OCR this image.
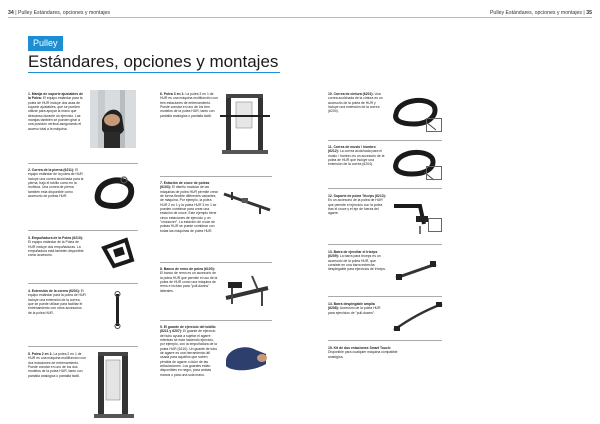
34 | Pulley Estándares, opciones y montajes	Pulley Estándares, opciones y montajes | 35
Pulley
Estándares, opciones y montajes
1. Manija de soporte ajustables de la Polea: El equipo estándar para la polea de HUR incluye dos asas de soporte ajustables, que se pueden utilizar para apoyar la mano que descansa durante un ejercicio. Las manijas también se pueden girar a una posición vertical asegurando el acceso total a la máquina.
2. Correa de la pierna (6211): El equipo estándar de la polea de HUR incluye una correa acolchada para la pierna, bajo el tobillo como en la muñeca. Una correa de pierna también está disponible como accesorio de poleas HUR.
3. Empuñadura de la Polea (6210): El equipo estándar de la Polea de HUR incluye dos empuñaduras. La empuñadura está también disponible como accesorio.
4. Extensión de la correa (6204): El equipo estándar para la polea de HUR incluye una extensión de la correa, que se puede utilizar para facilitar el entrenamiento con otros accesorios de la polea HUR.
5. Polea 2 en 1: La polea 2 en 1 de HUR es una máquina multifunción con dos estaciones de entrenamiento. Puede constar en uno de los dos modelos de la polea HUR, tanto con pantalla analógica o pantalla táctil.
6. Polea 3 en 1: La polea 3 en 1 de HUR es una máquina multifunción con tres estaciones de entrenamiento. Puede constar en uno de los tres modelos de la polea HUR, tanto con pantalla analógica o pantalla táctil.
7. Estación de cruce de poleas (6103): El diseño modular de las máquinas de polea HUR permite crear de forma flexible diferentes variantes de máquina. Por ejemplo, la polea HUR 2 en 1 y la polea HUR 3 en 1 se pueden combinar para crear una estación de cruce. Este ejemplo tiene cinco estaciones de ejercicio y un "crossover". La estación de cruce de poleas HUR se puede combinar con todas las máquinas de polea HUR.
8. Banco de remo de polea (6100): El banco de remo es un accesorio de la polea HUR que permite el uso de la polea de HUR como una máquina de remo e incluso para "pull-downs" laterales.
9. El guante de ejercicio del tobillo (6211 y 6207): El guante de ejercicio del tubo ayuda a sujetar el agarre mientras se está haciendo ejercicio, por ejemplo, con la empuñadura de la polea HUR (6210). Un guante de tubo de agarre es una herramienta útil usada para aquellos que sufren pérdida de agarre o dolor de las articulaciones. Los guantes están disponibles en negro, para ambas manos o para una sola mano.
10. Correa de cintura (6201): Una correa acolchada de la cintura es un accesorio de la polea de HUR y incluye una extensión de la correa (6204).
11. Correa de muslo / hombro (6212): La correa acolchada para el muslo / hombro es un accesorio de la polea de HUR que incluye una extensión de la correa (6204).
12. Soporte de polea Triceps (6213): Es un accesorio de la polea de HUR que permite el ejercicio con la polea tras el cruce y el eje de fuerza del agarre.
13. Barra de ejercitar el tríceps (6209): La barra para tríceps es un accesorio de la polea HUR, que consiste en una barra estrecha desplegable para ejercicios de tríceps.
14. Barra desplegable amplia (6208): Accesorio de la polea HUR para ejercicios de "pull-downs".
15. Kit de dos estaciones Smart Touch: Disponible para cualquier máquina compatible analógica.
